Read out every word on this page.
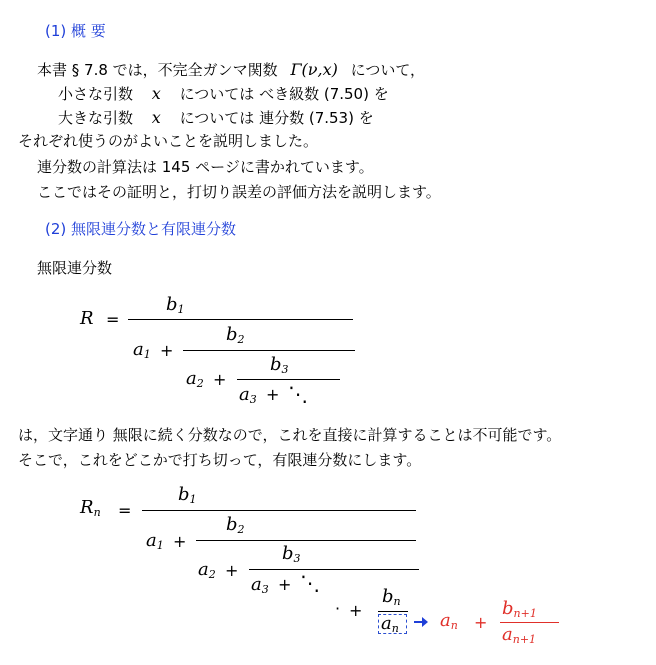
(1) 概 要
本書 § 7.8 では，不完全ガンマ関数 Γ(ν,x) について，
小さな引数 x については べき級数 (7.50) を
大きな引数 x については 連分数 (7.53) を
それぞれ使うのがよいことを説明しました。
連分数の計算法は 145 ページに書かれています。
ここではその証明と，打切り誤差の評価方法を説明します。
(2) 無限連分数と有限連分数
無限連分数
R =
$b_1$
$a_1$ +
$b_2$
$a_2$ +
$b_3$
$a_3$ + ⋱
は，文字通り 無限に続く分数なので，これを直接に計算することは不可能です。
そこで，これをどこかで打ち切って，有限連分数にします。
$R_n$ =
$b_1$
$a_1$ +
$b_2$
$a_2$ +
$b_3$
$a_3$ + ⋱
· +
$b_n$
$a_n$ $a_n$ +
$b_{n+1}$
$a_{n+1}$
